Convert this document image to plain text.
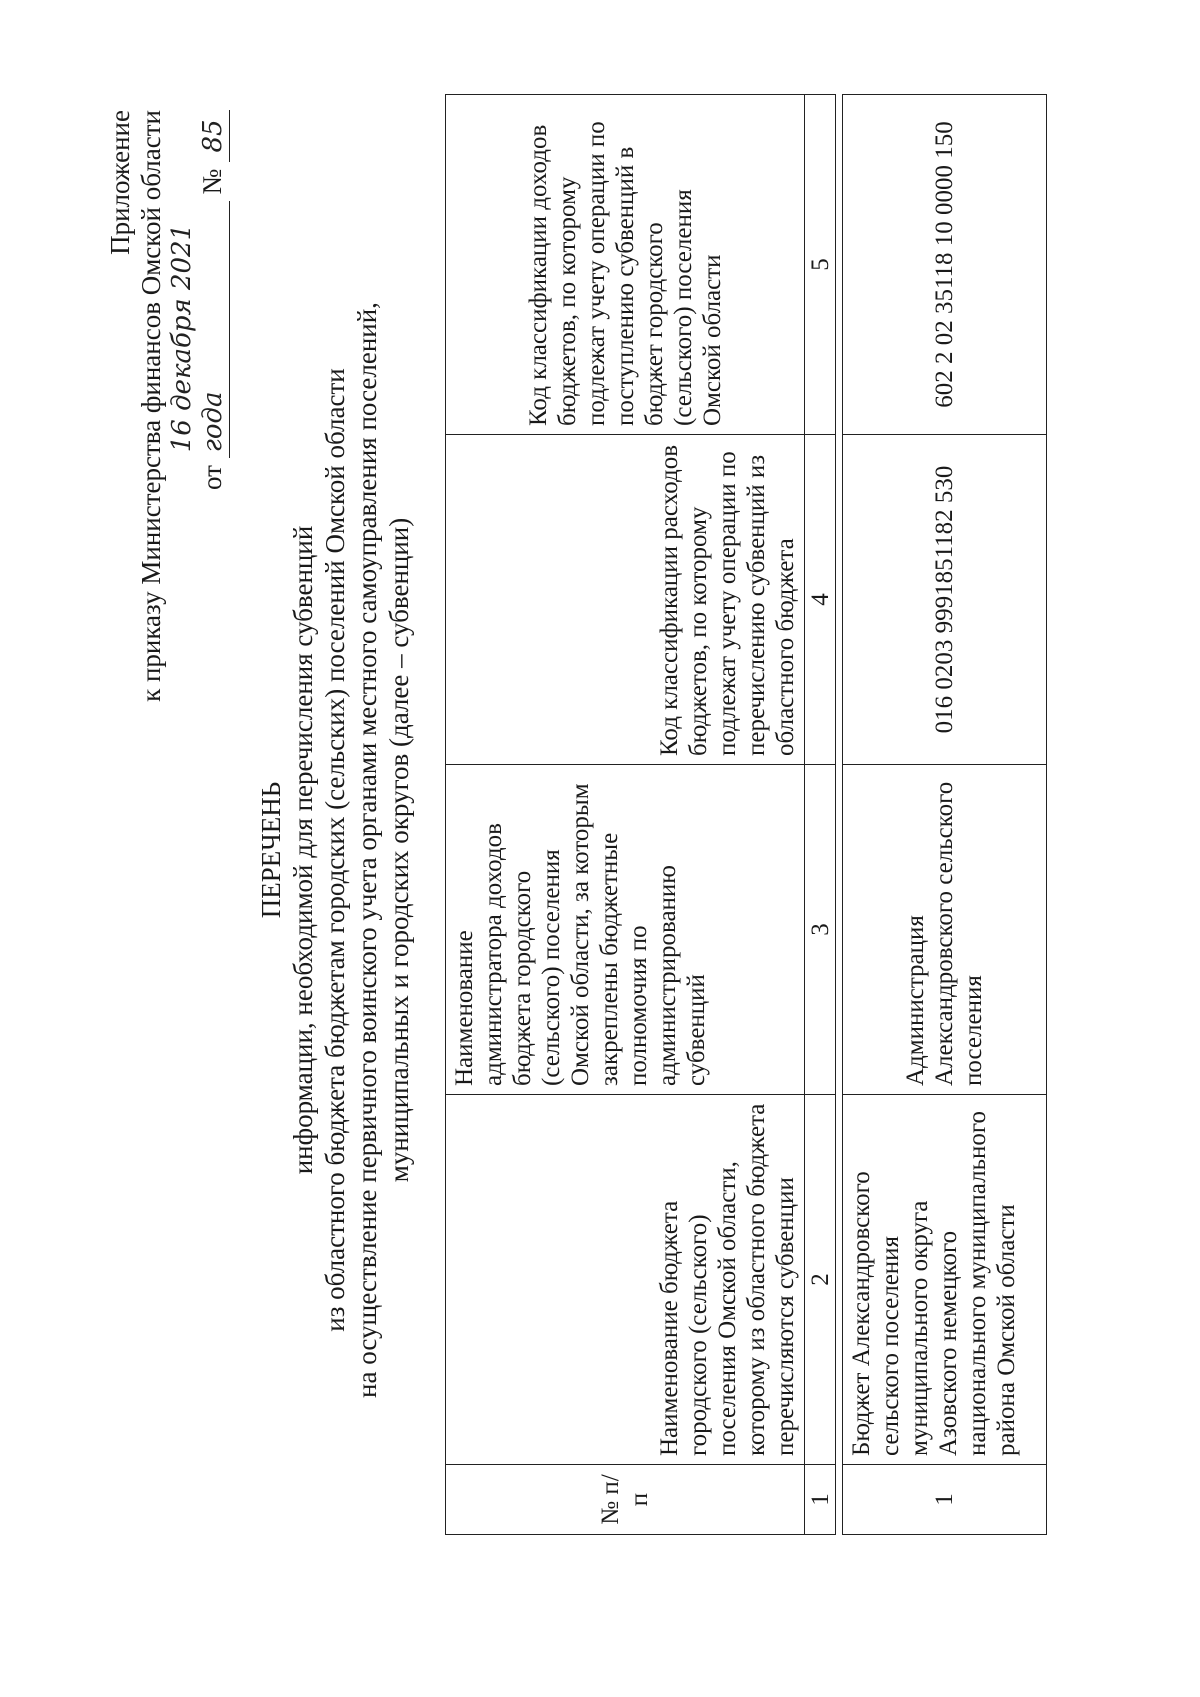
Приложение к приказу Министерства финансов Омской области от 16 декабря 2021 года № 85
ПЕРЕЧЕНЬ информации, необходимой для перечисления субвенций из областного бюджета бюджетам городских (сельских) поселений Омской области на осуществление первичного воинского учета органами местного самоуправления поселений, муниципальных и городских округов (далее – субвенции)
№ п/п	Наименование бюджета городского (сельского) поселения Омской области, которому из областного бюджета перечисляются субвенции	Наименование администратора доходов бюджета городского (сельского) поселения Омской области, за которым закреплены бюджетные полномочия по администрированию субвенций	Код классификации расходов бюджетов, по которому подлежат учету операции по перечислению субвенций из областного бюджета	Код классификации доходов бюджетов, по которому подлежат учету операции по поступлению субвенций в бюджет городского (сельского) поселения Омской области
1	2	3	4	5

1	Бюджет Александровского сельского поселения муниципального округа Азовского немецкого национального муниципального района Омской области	Администрация Александровского сельского поселения	016 0203 9991851182 530	602 2 02 35118 10 0000 150
